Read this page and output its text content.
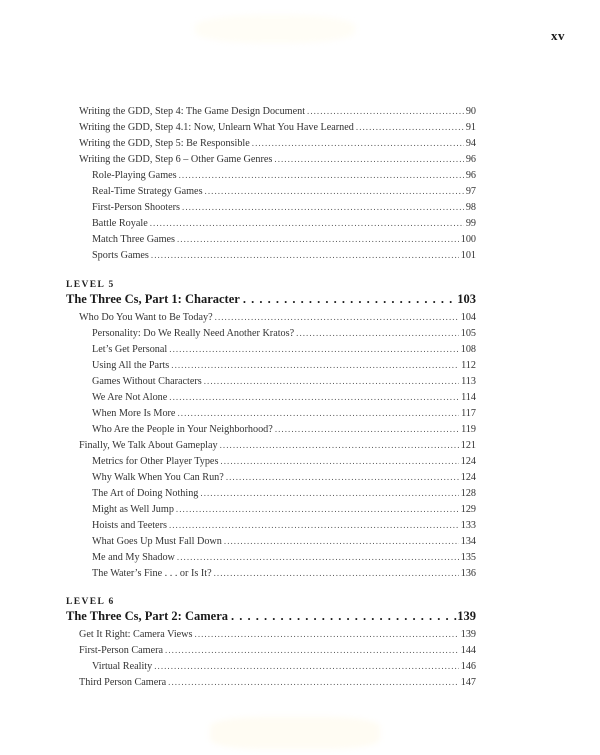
xv
Writing the GDD, Step 4: The Game Design Document . . .	90
Writing the GDD, Step 4.1: Now, Unlearn What You Have Learned . . .	91
Writing the GDD, Step 5: Be Responsible . . .	94
Writing the GDD, Step 6 – Other Game Genres . . .	96
Role-Playing Games . . .	96
Real-Time Strategy Games . . .	97
First-Person Shooters . . .	98
Battle Royale . . .	99
Match Three Games . . .	100
Sports Games . . .	101
LEVEL 5
The Three Cs, Part 1: Character . . .	103
Who Do You Want to Be Today? . . .	104
Personality: Do We Really Need Another Kratos? . . .	105
Let’s Get Personal . . .	108
Using All the Parts . . .	112
Games Without Characters . . .	113
We Are Not Alone . . .	114
When More Is More . . .	117
Who Are the People in Your Neighborhood? . . .	119
Finally, We Talk About Gameplay . . .	121
Metrics for Other Player Types . . .	124
Why Walk When You Can Run? . . .	124
The Art of Doing Nothing . . .	128
Might as Well Jump . . .	129
Hoists and Teeters . . .	133
What Goes Up Must Fall Down . . .	134
Me and My Shadow . . .	135
The Water’s Fine . . . or Is It? . . .	136
LEVEL 6
The Three Cs, Part 2: Camera . . .	139
Get It Right: Camera Views . . .	139
First-Person Camera . . .	144
Virtual Reality . . .	146
Third Person Camera . . .	147
